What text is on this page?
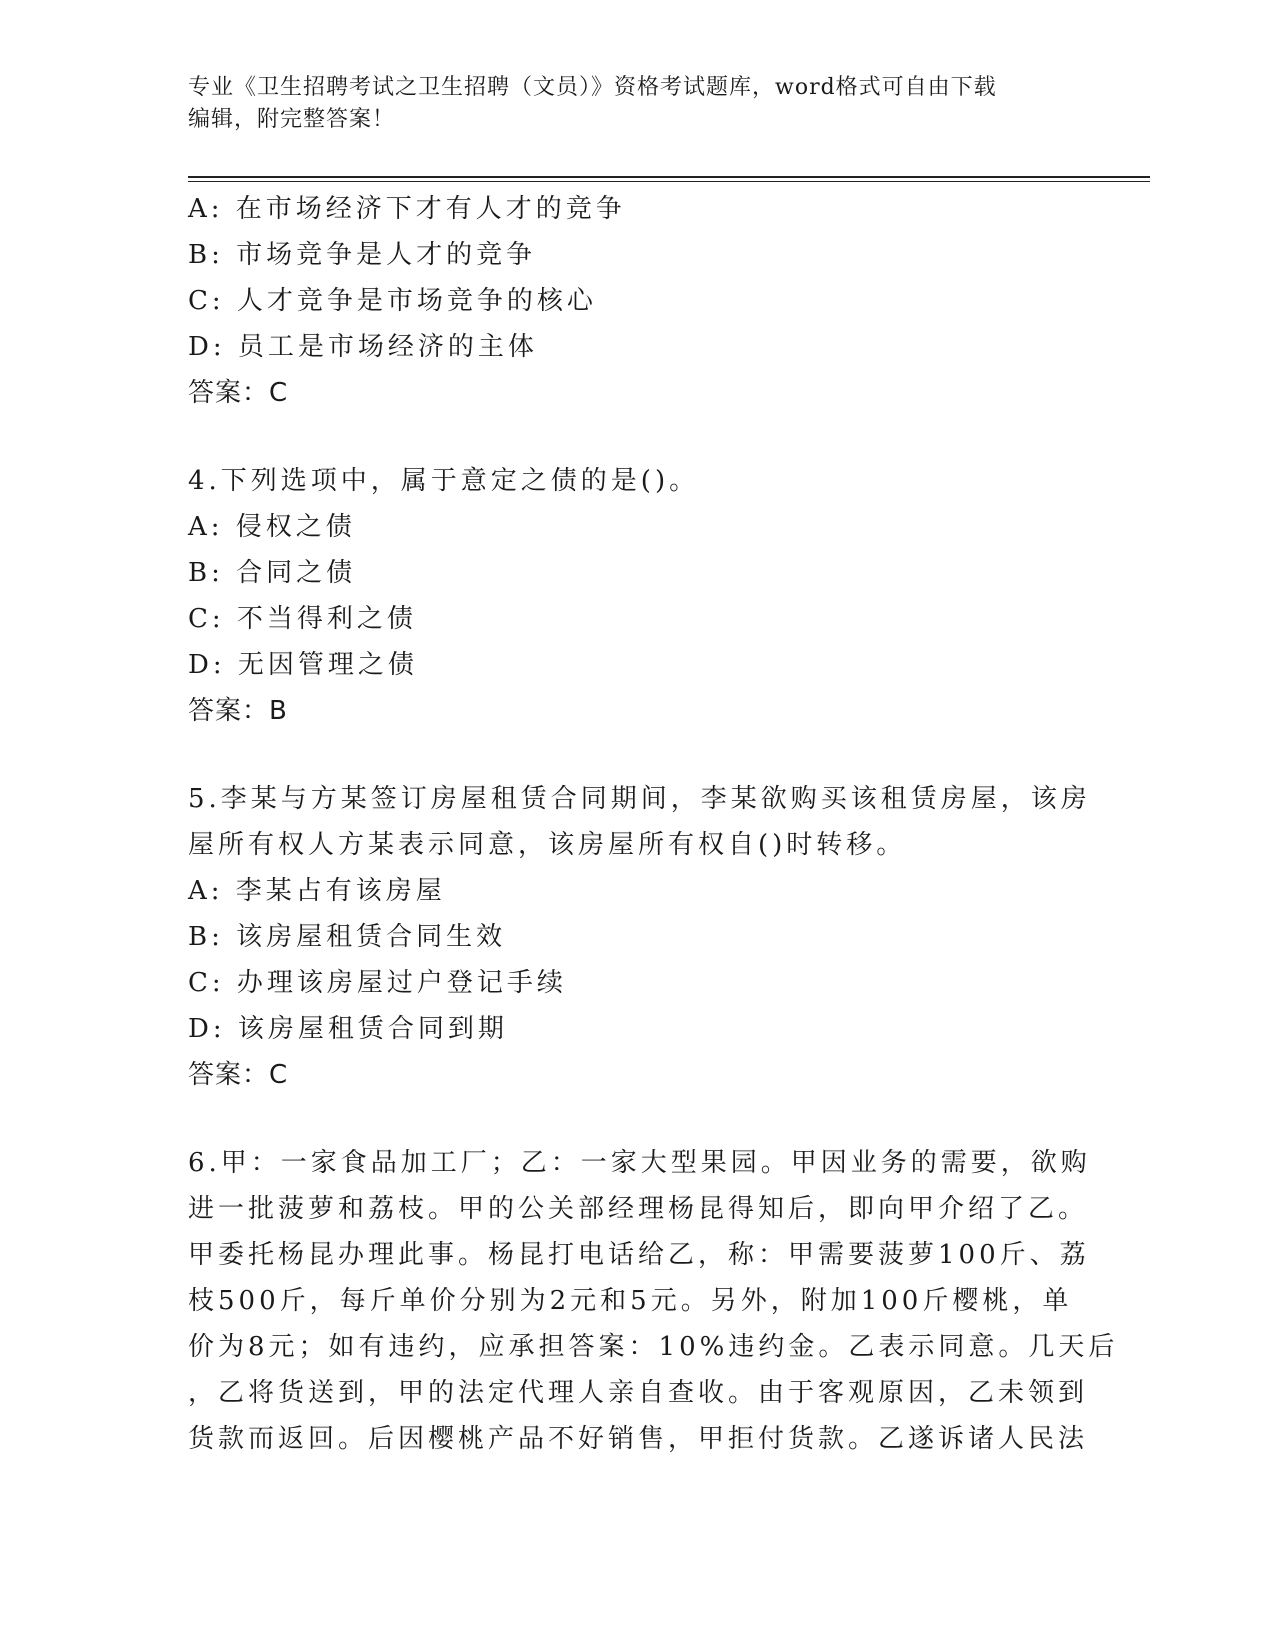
专业《卫生招聘考试之卫生招聘（文员）》资格考试题库，word格式可自由下载
编辑，附完整答案！
A: 在市场经济下才有人才的竞争
B: 市场竞争是人才的竞争
C: 人才竞争是市场竞争的核心
D: 员工是市场经济的主体
答案：C
4.下列选项中，属于意定之债的是()。
A: 侵权之债
B: 合同之债
C: 不当得利之债
D: 无因管理之债
答案：B
5.李某与方某签订房屋租赁合同期间，李某欲购买该租赁房屋，该房
屋所有权人方某表示同意，该房屋所有权自()时转移。
A: 李某占有该房屋
B: 该房屋租赁合同生效
C: 办理该房屋过户登记手续
D: 该房屋租赁合同到期
答案：C
6.甲：一家食品加工厂；乙：一家大型果园。甲因业务的需要，欲购
进一批菠萝和荔枝。甲的公关部经理杨昆得知后，即向甲介绍了乙。
甲委托杨昆办理此事。杨昆打电话给乙，称：甲需要菠萝100斤、荔
枝500斤，每斤单价分别为2元和5元。另外，附加100斤樱桃，单
价为8元；如有违约，应承担答案：10%违约金。乙表示同意。几天后
，乙将货送到，甲的法定代理人亲自查收。由于客观原因，乙未领到
货款而返回。后因樱桃产品不好销售，甲拒付货款。乙遂诉诸人民法
